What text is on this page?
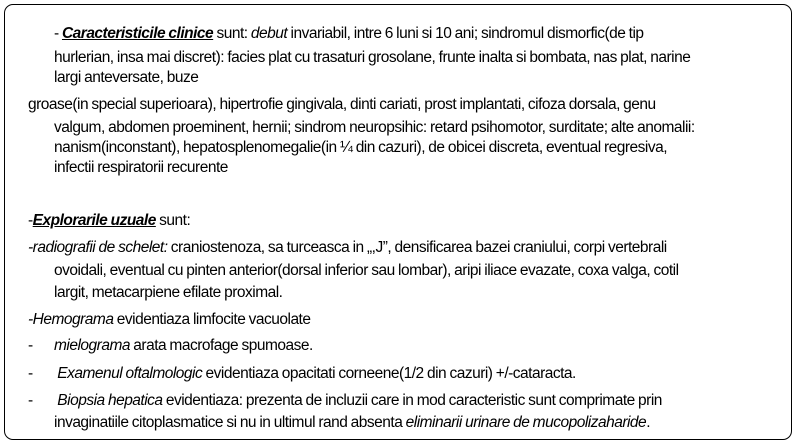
- Caracteristicile clinice sunt: debut invariabil, intre 6 luni si 10 ani; sindromul dismorfic(de tip
hurlerian, insa mai discret): facies plat cu trasaturi grosolane, frunte inalta si bombata, nas plat, narine
largi anteversate, buze
groase(in special superioara), hipertrofie gingivala, dinti cariati, prost implantati, cifoza dorsala, genu
valgum, abdomen proeminent, hernii; sindrom neuropsihic: retard psihomotor, surditate; alte anomalii:
nanism(inconstant), hepatosplenomegalie(in ¼ din cazuri), de obicei discreta, eventual regresiva,
infectii respiratorii recurente
-Explorarile uzuale sunt:
-radiografii de schelet: craniostenoza, sa turceasca in „,J”, densificarea bazei craniului, corpi vertebrali
ovoidali, eventual cu pinten anterior(dorsal inferior sau lombar), aripi iliace evazate, coxa valga, cotil
largit, metacarpiene efilate proximal.
-Hemograma evidentiaza limfocite vacuolate
- mielograma arata macrofage spumoase.
- Examenul oftalmologic evidentiaza opacitati corneene(1/2 din cazuri) +/-cataracta.
- Biopsia hepatica evidentiaza: prezenta de incluzii care in mod caracteristic sunt comprimate prin
invaginatiile citoplasmatice si nu in ultimul rand absenta eliminarii urinare de mucopolizaharide.
